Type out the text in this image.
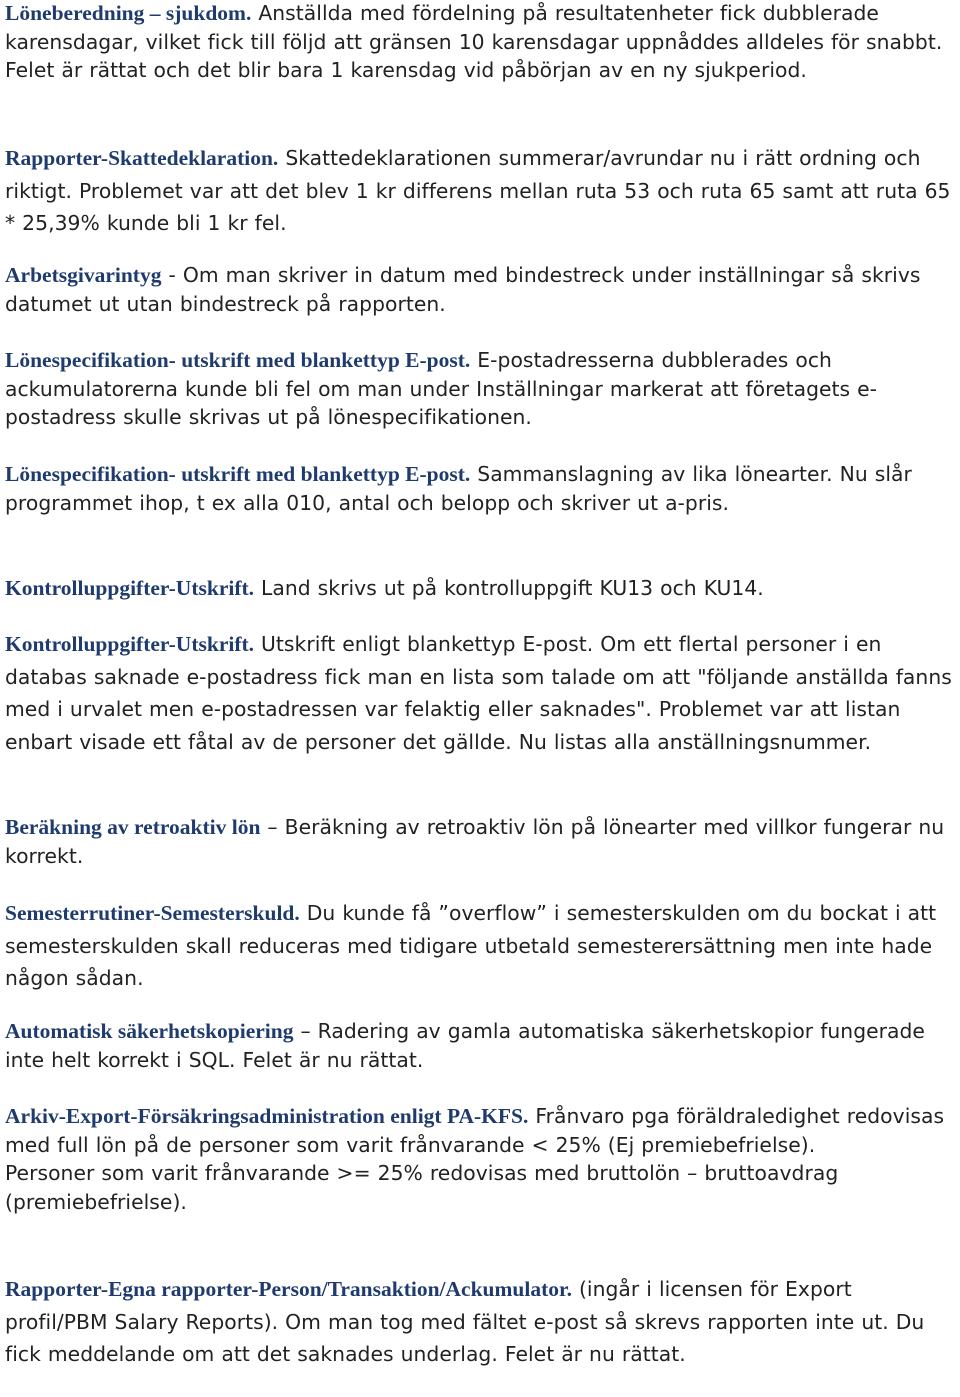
Löneberedning – sjukdom. Anställda med fördelning på resultatenheter fick dubblerade karensdagar, vilket fick till följd att gränsen 10 karensdagar uppnåddes alldeles för snabbt. Felet är rättat och det blir bara 1 karensdag vid påbörjan av en ny sjukperiod.

Rapporter-Skattedeklaration. Skattedeklarationen summerar/avrundar nu i rätt ordning och riktigt. Problemet var att det blev 1 kr differens mellan ruta 53 och ruta 65 samt att ruta 65 * 25,39% kunde bli 1 kr fel.

Arbetsgivarintyg - Om man skriver in datum med bindestreck under inställningar så skrivs datumet ut utan bindestreck på rapporten.

Lönespecifikation- utskrift med blankettyp E-post. E-postadresserna dubblerades och ackumulatorerna kunde bli fel om man under Inställningar markerat att företagets e-postadress skulle skrivas ut på lönespecifikationen.

Lönespecifikation- utskrift med blankettyp E-post. Sammanslagning av lika lönearter. Nu slår programmet ihop, t ex alla 010, antal och belopp och skriver ut a-pris.

Kontrolluppgifter-Utskrift. Land skrivs ut på kontrolluppgift KU13 och KU14.

Kontrolluppgifter-Utskrift. Utskrift enligt blankettyp E-post. Om ett flertal personer i en databas saknade e-postadress fick man en lista som talade om att "följande anställda fanns med i urvalet men e-postadressen var felaktig eller saknades". Problemet var att listan enbart visade ett fåtal av de personer det gällde. Nu listas alla anställningsnummer.

Beräkning av retroaktiv lön – Beräkning av retroaktiv lön på lönearter med villkor fungerar nu korrekt.

Semesterrutiner-Semesterskuld. Du kunde få ”overflow” i semesterskulden om du bockat i att semesterskulden skall reduceras med tidigare utbetald semesterersättning men inte hade någon sådan.

Automatisk säkerhetskopiering – Radering av gamla automatiska säkerhetskopior fungerade inte helt korrekt i SQL. Felet är nu rättat.

Arkiv-Export-Försäkringsadministration enligt PA-KFS. Frånvaro pga föräldraledighet redovisas med full lön på de personer som varit frånvarande < 25% (Ej premiebefrielse).
Personer som varit frånvarande >= 25% redovisas med bruttolön – bruttoavdrag (premiebefrielse).

Rapporter-Egna rapporter-Person/Transaktion/Ackumulator. (ingår i licensen för Export profil/PBM Salary Reports). Om man tog med fältet e-post så skrevs rapporten inte ut. Du fick meddelande om att det saknades underlag. Felet är nu rättat.
